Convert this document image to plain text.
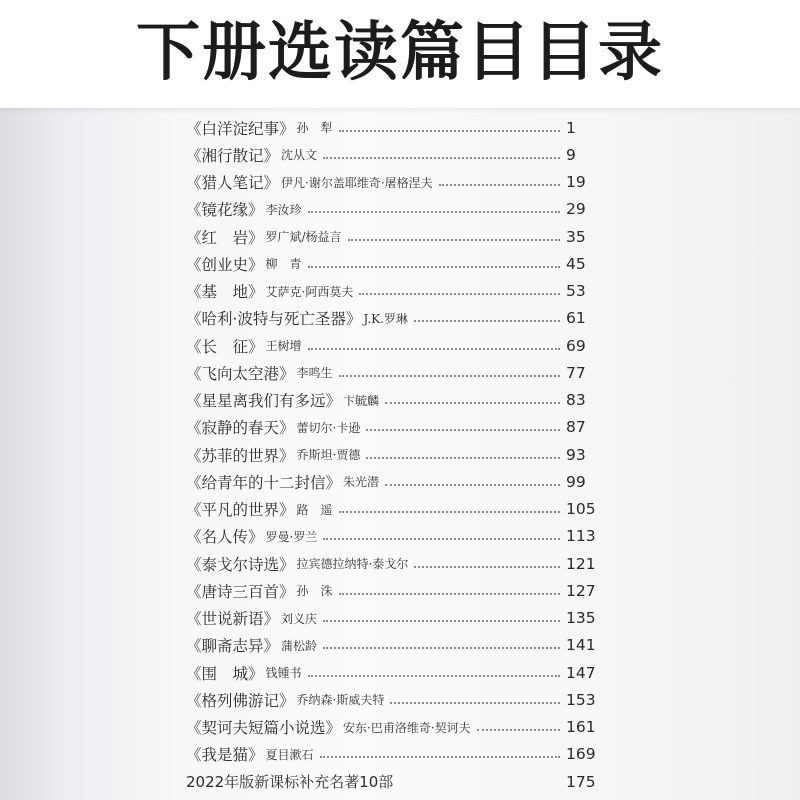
下册选读篇目目录
《白洋淀纪事》 孙　犁	1
《湘行散记》 沈从文	9
《猎人笔记》 伊凡·谢尔盖耶维奇·屠格涅夫	19
《镜花缘》 李汝珍	29
《红　岩》 罗广斌/杨益言	35
《创业史》 柳　青	45
《基　地》 艾萨克·阿西莫夫	53
《哈利·波特与死亡圣器》 J.K.罗琳	61
《长　征》 王树增	69
《飞向太空港》 李鸣生	77
《星星离我们有多远》 卞毓麟	83
《寂静的春天》 蕾切尔·卡逊	87
《苏菲的世界》 乔斯坦·贾德	93
《给青年的十二封信》 朱光潜	99
《平凡的世界》 路　遥	105
《名人传》 罗曼·罗兰	113
《泰戈尔诗选》 拉宾德拉纳特·泰戈尔	121
《唐诗三百首》 孙　洙	127
《世说新语》 刘义庆	135
《聊斋志异》 蒲松龄	141
《围　城》 钱锺书	147
《格列佛游记》 乔纳森·斯威夫特	153
《契诃夫短篇小说选》 安东·巴甫洛维奇·契诃夫	161
《我是猫》 夏目漱石	169
2022年版新课标补充名著10部	175
